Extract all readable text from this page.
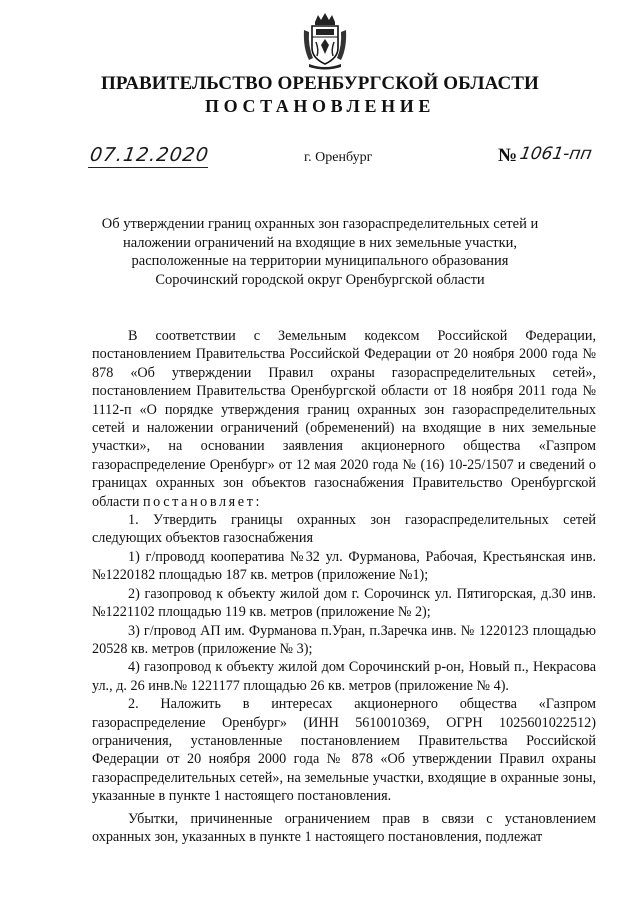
ПРАВИТЕЛЬСТВО ОРЕНБУРГСКОЙ ОБЛАСТИ
ПОСТАНОВЛЕНИЕ
07.12.2020	г. Оренбург	№ 1061-пп
Об утверждении границ охранных зон газораспределительных сетей и наложении ограничений на входящие в них земельные участки, расположенные на территории муниципального образования Сорочинский городской округ Оренбургской области

В соответствии с Земельным кодексом Российской Федерации, постановлением Правительства Российской Федерации от 20 ноября 2000 года № 878 «Об утверждении Правил охраны газораспределительных сетей», постановлением Правительства Оренбургской области от 18 ноября 2011 года № 1112-п «О порядке утверждения границ охранных зон газораспределительных сетей и наложении ограничений (обременений) на входящие в них земельные участки», на основании заявления акционерного общества «Газпром газораспределение Оренбург» от 12 мая 2020 года № (16) 10-25/1507 и сведений о границах охранных зон объектов газоснабжения Правительство Оренбургской области постановляет:

1. Утвердить границы охранных зон газораспределительных сетей следующих объектов газоснабжения

1) г/проводд кооператива №32 ул. Фурманова, Рабочая, Крестьянская инв.№1220182 площадью 187 кв. метров (приложение №1);

2) газопровод к объекту жилой дом г. Сорочинск ул. Пятигорская, д.30 инв.№1221102 площадью 119 кв. метров (приложение № 2);

3) г/провод АП им. Фурманова п.Уран, п.Заречка инв. № 1220123 площадью 20528 кв. метров (приложение № 3);

4) газопровод к объекту жилой дом Сорочинский р-он, Новый п., Некрасова ул., д. 26 инв.№ 1221177 площадью 26 кв. метров (приложение № 4).

2. Наложить в интересах акционерного общества «Газпром газораспределение Оренбург» (ИНН 5610010369, ОГРН 1025601022512) ограничения, установленные постановлением Правительства Российской Федерации от 20 ноября 2000 года № 878 «Об утверждении Правил охраны газораспределительных сетей», на земельные участки, входящие в охранные зоны, указанные в пункте 1 настоящего постановления.

Убытки, причиненные ограничением прав в связи с установлением охранных зон, указанных в пункте 1 настоящего постановления, подлежат
